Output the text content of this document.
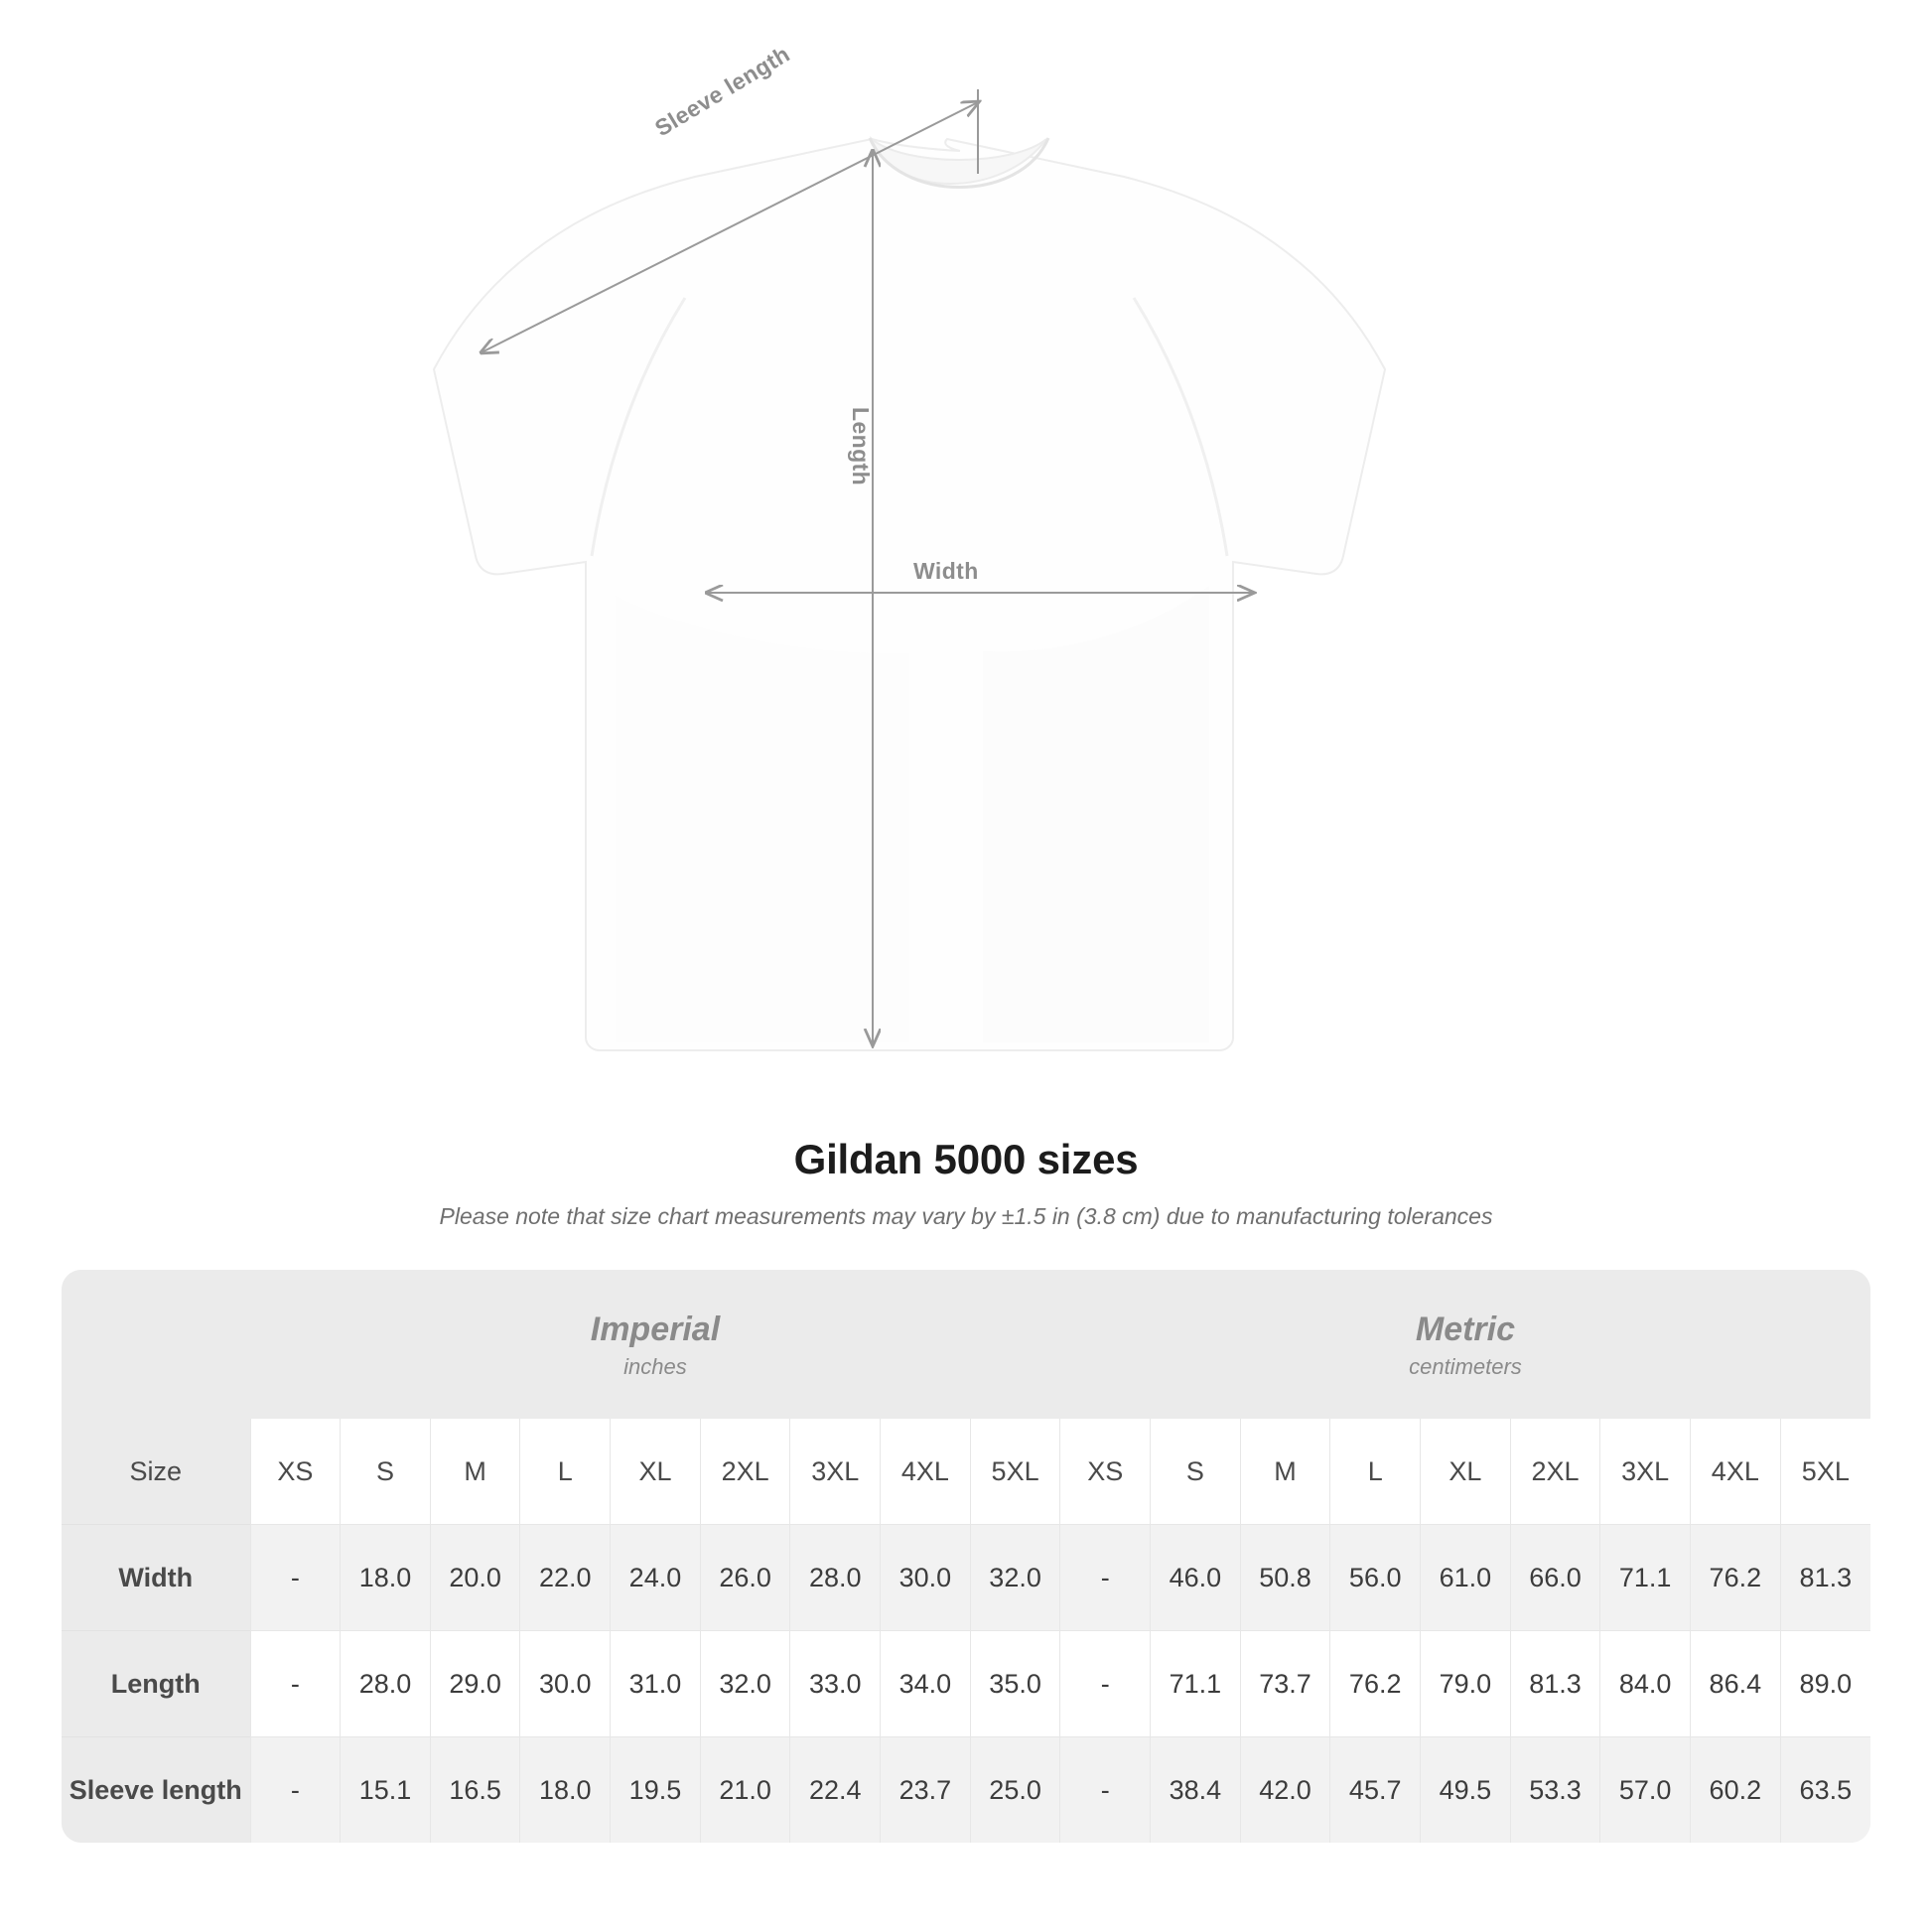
Sleeve length
Length
Width
Gildan 5000 sizes
Please note that size chart measurements may vary by ±1.5 in (3.8 cm) due to manufacturing tolerances

Imperial
inches

Metric
centimeters

Size	XS	S	M	L	XL	2XL	3XL	4XL	5XL	XS	S	M	L	XL	2XL	3XL	4XL	5XL
Width	-	18.0	20.0	22.0	24.0	26.0	28.0	30.0	32.0	-	46.0	50.8	56.0	61.0	66.0	71.1	76.2	81.3
Length	-	28.0	29.0	30.0	31.0	32.0	33.0	34.0	35.0	-	71.1	73.7	76.2	79.0	81.3	84.0	86.4	89.0
Sleeve length	-	15.1	16.5	18.0	19.5	21.0	22.4	23.7	25.0	-	38.4	42.0	45.7	49.5	53.3	57.0	60.2	63.5
